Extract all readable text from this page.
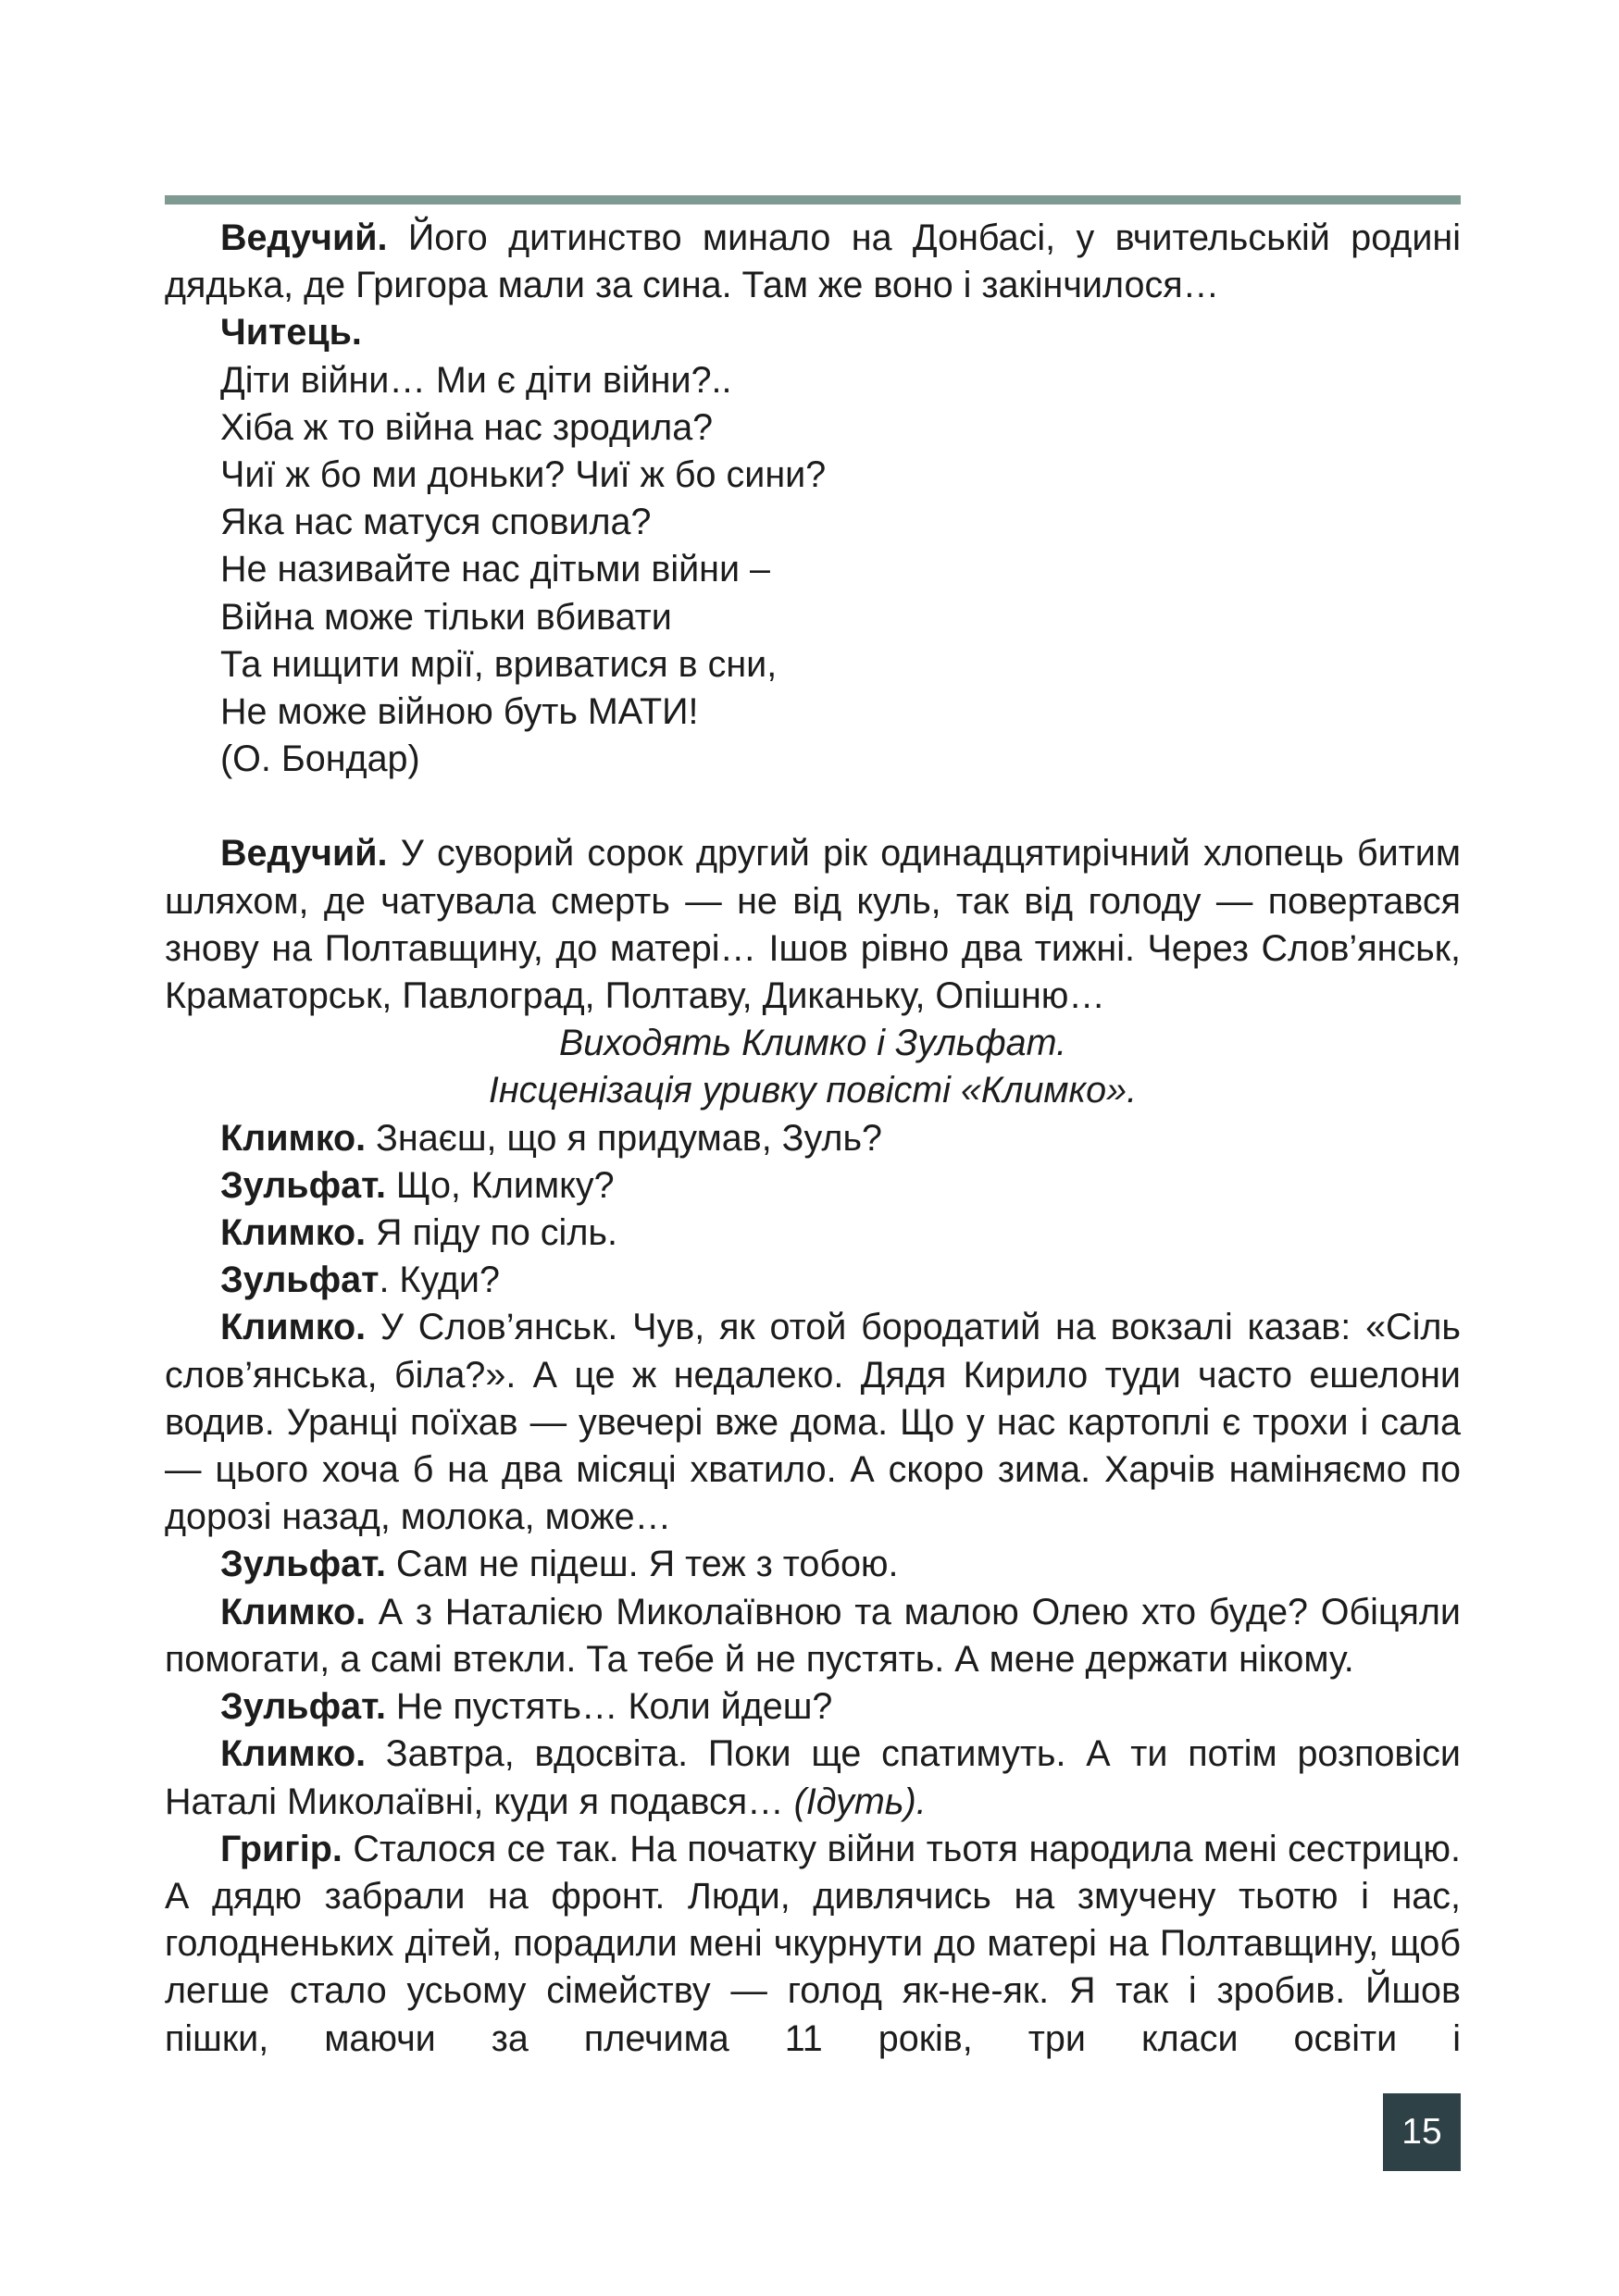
Ведучий. Його дитинство минало на Донбасі, у вчительській родині дядька, де Григора мали за сина. Там же воно і закінчилося…

Читець.

Діти війни… Ми є діти війни?..
Хіба ж то війна нас зродила?
Чиї ж бо ми доньки? Чиї ж бо сини?
Яка нас матуся сповила?
Не називайте нас дітьми війни –
Війна може тільки вбивати
Та нищити мрії, вриватися в сни,
Не може війною буть МАТИ!
(О. Бондар)

Ведучий. У суворий сорок другий рік одинадцятирічний хлопець битим шляхом, де чатувала смерть — не від куль, так від голоду — повертався знову на Полтавщину, до матері… Ішов рівно два тижні. Через Слов’янськ, Краматорськ, Павлоград, Полтаву, Диканьку, Опішню…

Виходять Климко і Зульфат.

Інсценізація уривку повісті «Климко».

Климко. Знаєш, що я придумав, Зуль?

Зульфат. Що, Климку?

Климко. Я піду по сіль.

Зульфат. Куди?

Климко. У Слов’янськ. Чув, як отой бородатий на вокзалі казав: «Сіль слов’янська, біла?». А це ж недалеко. Дядя Кирило туди часто ешелони водив. Уранці поїхав — увечері вже дома. Що у нас картоплі є трохи і сала — цього хоча б на два місяці хватило. А скоро зима. Харчів наміняємо по дорозі назад, молока, може…

Зульфат. Сам не підеш. Я теж з тобою.

Климко. А з Наталією Миколаївною та малою Олею хто буде? Обіцяли помогати, а самі втекли. Та тебе й не пустять. А мене держати нікому.

Зульфат. Не пустять… Коли йдеш?

Климко. Завтра, вдосвіта. Поки ще спатимуть. А ти потім розповіси Наталі Миколаївні, куди я подався… (Ідуть).

Григір. Сталося се так. На початку війни тьотя народила мені сестрицю. А дядю забрали на фронт. Люди, дивлячись на змучену тьотю і нас, голодненьких дітей, порадили мені чкурнути до матері на Полтавщину, щоб легше стало усьому сімейству — голод як-не-як. Я так і зробив. Йшов пішки, маючи за плечима 11 років, три класи освіти і

15
